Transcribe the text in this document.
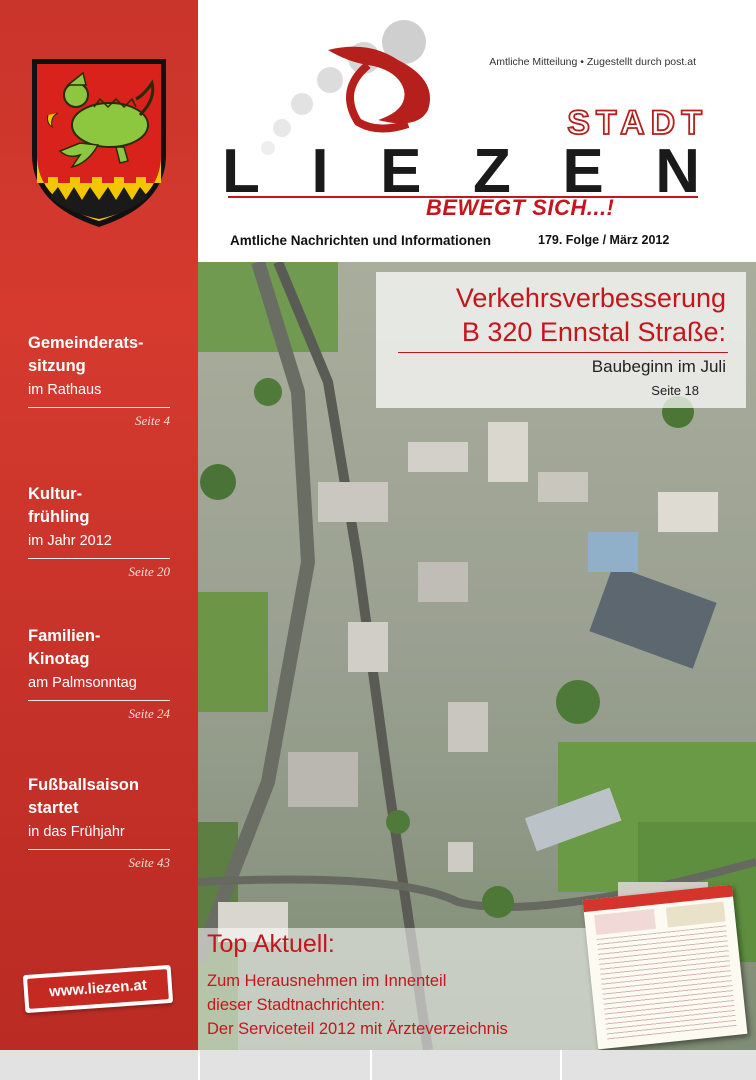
Gemeinderats-
sitzung
im Rathaus
Seite 4
Kultur-
frühling
im Jahr 2012
Seite 20
Familien-
Kinotag
am Palmsonntag
Seite 24
Fußballsaison
startet
in das Frühjahr
Seite 43
www.liezen.at
Amtliche Mitteilung • Zugestellt durch post.at
STADT
LIEZEN
BEWEGT SICH...!
Amtliche Nachrichten und Informationen	179. Folge / März 2012
Verkehrsverbesserung
B 320 Ennstal Straße:
Baubeginn im Juli
Seite 18
Top Aktuell:
Zum Herausnehmen im Innenteil
dieser Stadtnachrichten:
Der Serviceteil 2012 mit Ärzteverzeichnis
